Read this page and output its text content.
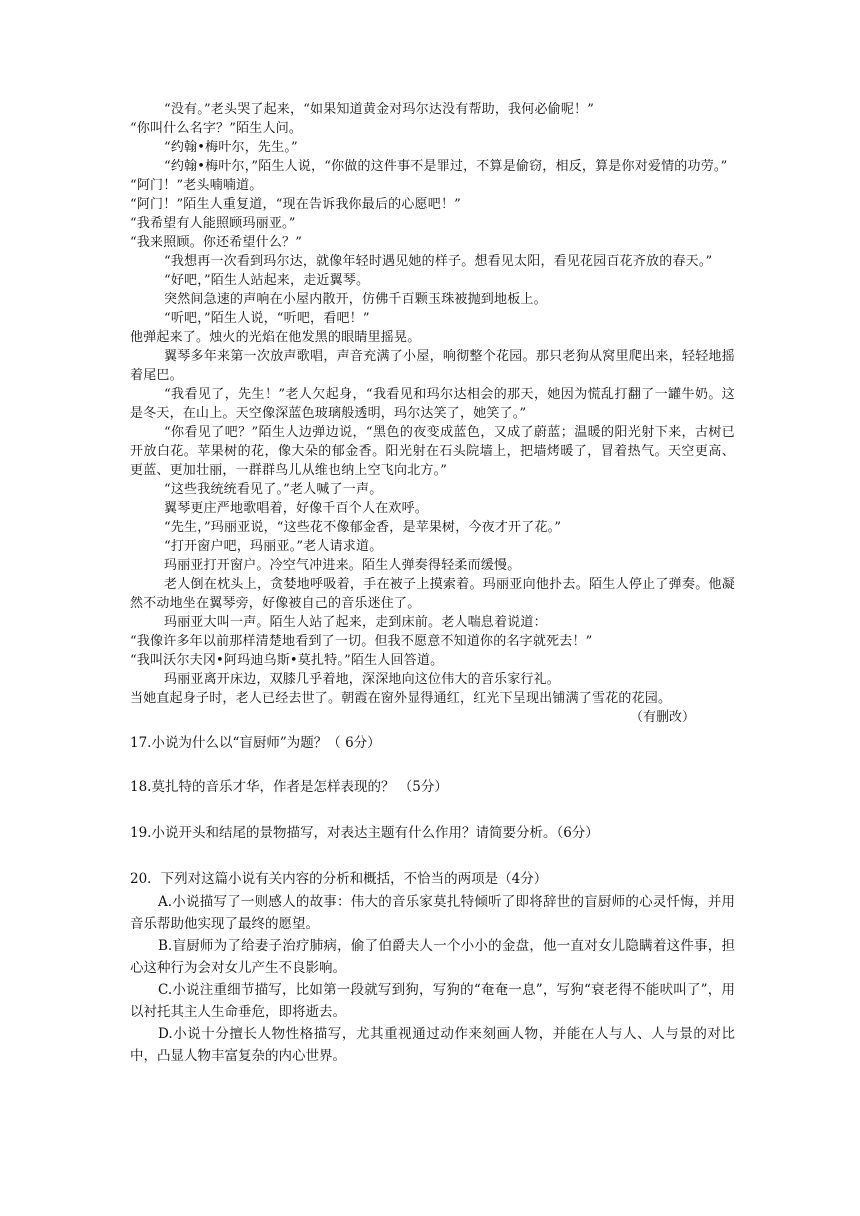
“没有。”老头哭了起来，“如果知道黄金对玛尔达没有帮助，我何必偷呢！”

“你叫什么名字？”陌生人问。

“约翰•梅叶尔，先生。”

“约翰•梅叶尔，”陌生人说，“你做的这件事不是罪过，不算是偷窃，相反，算是你对爱情的功劳。”

“阿门！”老头喃喃道。

“阿门！”陌生人重复道，“现在告诉我你最后的心愿吧！”

“我希望有人能照顾玛丽亚。”

“我来照顾。你还希望什么？”

“我想再一次看到玛尔达，就像年轻时遇见她的样子。想看见太阳，看见花园百花齐放的春天。”

“好吧，”陌生人站起来，走近翼琴。

突然间急速的声响在小屋内散开，仿佛千百颗玉珠被抛到地板上。

“听吧，”陌生人说，“听吧，看吧！”

他弹起来了。烛火的光焰在他发黑的眼睛里摇晃。

翼琴多年来第一次放声歌唱，声音充满了小屋，响彻整个花园。那只老狗从窝里爬出来，轻轻地摇着尾巴。

“我看见了，先生！”老人欠起身，“我看见和玛尔达相会的那天，她因为慌乱打翻了一罐牛奶。这是冬天，在山上。天空像深蓝色玻璃般透明，玛尔达笑了，她笑了。”

“你看见了吧？”陌生人边弹边说，“黑色的夜变成蓝色，又成了蔚蓝；温暖的阳光射下来，古树已开放白花。苹果树的花，像大朵的郁金香。阳光射在石头院墙上，把墙烤暖了，冒着热气。天空更高、更蓝、更加壮丽，一群群鸟儿从维也纳上空飞向北方。”

“这些我统统看见了。”老人喊了一声。

翼琴更庄严地歌唱着，好像千百个人在欢呼。

“先生，”玛丽亚说，“这些花不像郁金香，是苹果树，今夜才开了花。”

“打开窗户吧，玛丽亚。”老人请求道。

玛丽亚打开窗户。冷空气冲进来。陌生人弹奏得轻柔而缓慢。

老人倒在枕头上，贪婪地呼吸着，手在被子上摸索着。玛丽亚向他扑去。陌生人停止了弹奏。他凝然不动地坐在翼琴旁，好像被自己的音乐迷住了。

玛丽亚大叫一声。陌生人站了起来，走到床前。老人喘息着说道：

“我像许多年以前那样清楚地看到了一切。但我不愿意不知道你的名字就死去！”

“我叫沃尔夫冈•阿玛迪乌斯•莫扎特。”陌生人回答道。

玛丽亚离开床边，双膝几乎着地，深深地向这位伟大的音乐家行礼。

当她直起身子时，老人已经去世了。朝霞在窗外显得通红，红光下呈现出铺满了雪花的花园。

（有删改）

17.小说为什么以“盲厨师”为题？（ 6分）

18.莫扎特的音乐才华，作者是怎样表现的？ （5分）

19.小说开头和结尾的景物描写，对表达主题有什么作用？请简要分析。（6分）

20．下列对这篇小说有关内容的分析和概括，不恰当的两项是（4分）

A.小说描写了一则感人的故事：伟大的音乐家莫扎特倾听了即将辞世的盲厨师的心灵忏悔，并用音乐帮助他实现了最终的愿望。

B.盲厨师为了给妻子治疗肺病，偷了伯爵夫人一个小小的金盘，他一直对女儿隐瞒着这件事，担心这种行为会对女儿产生不良影响。

C.小说注重细节描写，比如第一段就写到狗，写狗的“奄奄一息”，写狗“衰老得不能吠叫了”，用以衬托其主人生命垂危，即将逝去。

D.小说十分擅长人物性格描写，尤其重视通过动作来刻画人物，并能在人与人、人与景的对比中，凸显人物丰富复杂的内心世界。
